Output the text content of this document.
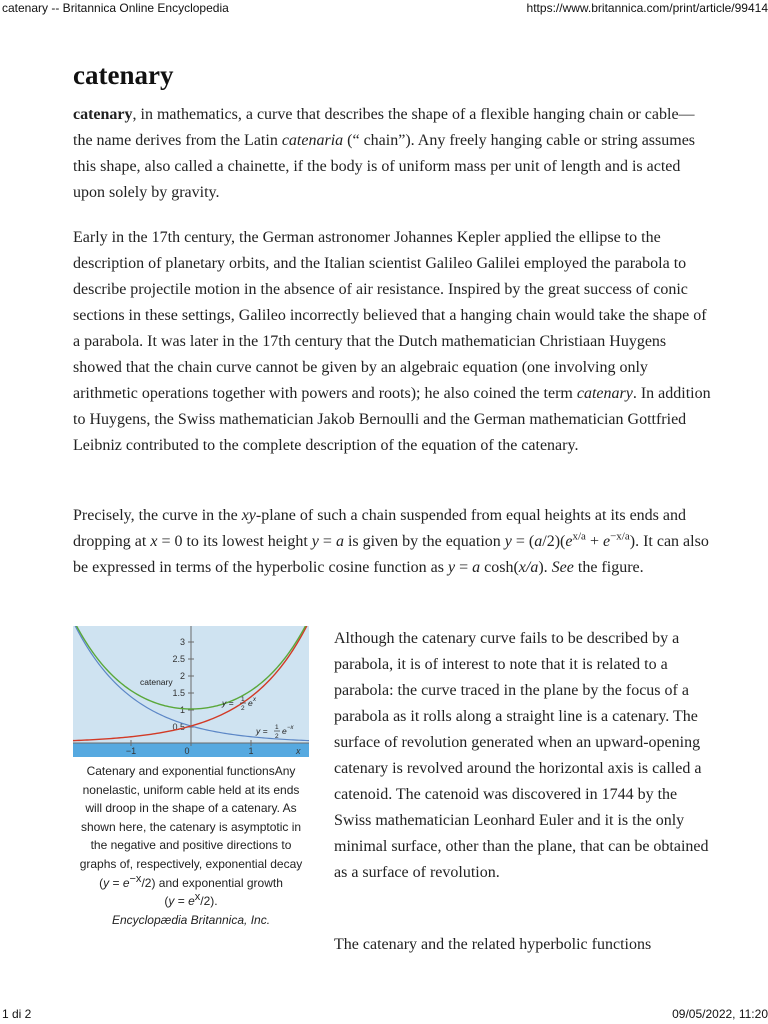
catenary -- Britannica Online Encyclopedia	https://www.britannica.com/print/article/99414
catenary

catenary, in mathematics, a curve that describes the shape of a flexible hanging chain or cable—the name derives from the Latin catenaria (“ chain”). Any freely hanging cable or string assumes this shape, also called a chainette, if the body is of uniform mass per unit of length and is acted upon solely by gravity.

Early in the 17th century, the German astronomer Johannes Kepler applied the ellipse to the description of planetary orbits, and the Italian scientist Galileo Galilei employed the parabola to describe projectile motion in the absence of air resistance. Inspired by the great success of conic sections in these settings, Galileo incorrectly believed that a hanging chain would take the shape of a parabola. It was later in the 17th century that the Dutch mathematician Christiaan Huygens showed that the chain curve cannot be given by an algebraic equation (one involving only arithmetic operations together with powers and roots); he also coined the term catenary. In addition to Huygens, the Swiss mathematician Jakob Bernoulli and the German mathematician Gottfried Leibniz contributed to the complete description of the equation of the catenary.

Precisely, the curve in the xy-plane of such a chain suspended from equal heights at its ends and dropping at x = 0 to its lowest height y = a is given by the equation $y = (a/2)(e^{x/a} + e^{-x/a})$. It can also be expressed in terms of the hyperbolic cosine function as y = a cosh(x/a). See the figure.

3
2.5
2
1.5
1
0.5
−1	0	1	x
catenary
y = 1
2
e x
y = 1
2
e −x
Catenary and exponential functionsAny nonelastic, uniform cable held at its ends will droop in the shape of a catenary. As shown here, the catenary is asymptotic in the negative and positive directions to graphs of, respectively, exponential decay
$(y = e^{-x}/2)$ and exponential growth
$(y = e^x/2)$.
Encyclopædia Britannica, Inc.

Although the catenary curve fails to be described by a parabola, it is of interest to note that it is related to a parabola: the curve traced in the plane by the focus of a parabola as it rolls along a straight line is a catenary. The surface of revolution generated when an upward-opening catenary is revolved around the horizontal axis is called a catenoid. The catenoid was discovered in 1744 by the Swiss mathematician Leonhard Euler and it is the only minimal surface, other than the plane, that can be obtained as a surface of revolution.

The catenary and the related hyperbolic functions

1 di 2	09/05/2022, 11:20
